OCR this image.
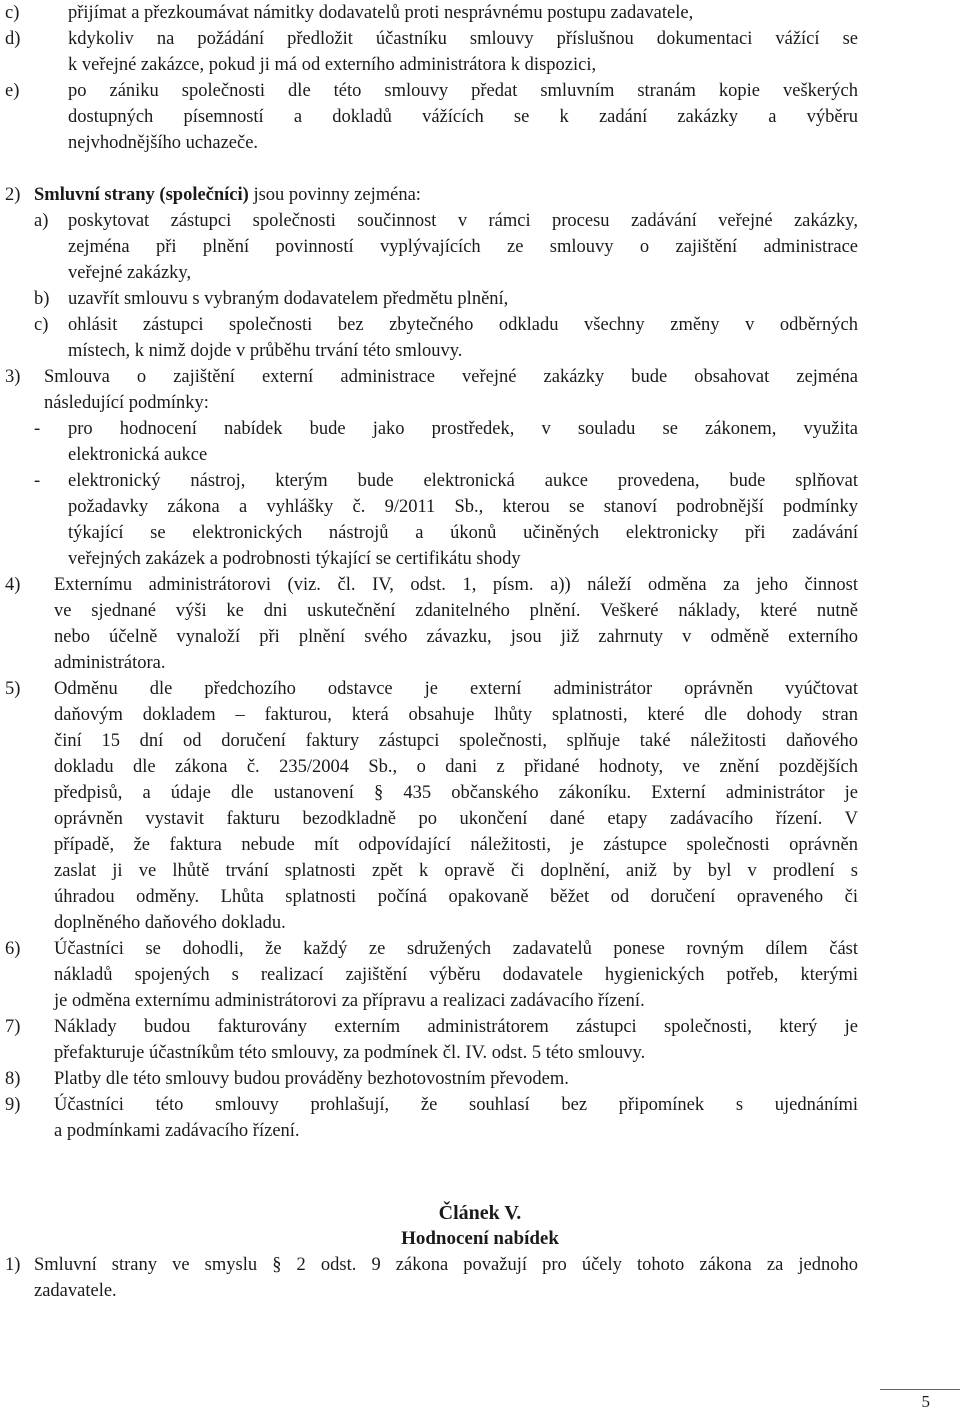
c)	přijímat a přezkoumávat námitky dodavatelů proti nesprávnému postupu zadavatele,
d)	kdykoliv na požádání předložit účastníku smlouvy příslušnou dokumentaci vážící se
k veřejné zakázce, pokud ji má od externího administrátora k dispozici,
e)	po zániku společnosti dle této smlouvy předat smluvním stranám kopie veškerých
dostupných písemností a dokladů vážících se k zadání zakázky a výběru
nejvhodnějšího uchazeče.
2) Smluvní strany (společníci) jsou povinny zejména:
a) poskytovat zástupci společnosti součinnost v rámci procesu zadávání veřejné zakázky,
zejména při plnění povinností vyplývajících ze smlouvy o zajištění administrace
veřejné zakázky,
b) uzavřít smlouvu s vybraným dodavatelem předmětu plnění,
c) ohlásit zástupci společnosti bez zbytečného odkladu všechny změny v odběrných
místech, k nimž dojde v průběhu trvání této smlouvy.
3) Smlouva o zajištění externí administrace veřejné zakázky bude obsahovat zejména
následující podmínky:
- pro hodnocení nabídek bude jako prostředek, v souladu se zákonem, využita
elektronická aukce
- elektronický nástroj, kterým bude elektronická aukce provedena, bude splňovat
požadavky zákona a vyhlášky č. 9/2011 Sb., kterou se stanoví podrobnější podmínky
týkající se elektronických nástrojů a úkonů učiněných elektronicky při zadávání
veřejných zakázek a podrobnosti týkající se certifikátu shody
4) Externímu administrátorovi (viz. čl. IV, odst. 1, písm. a)) náleží odměna za jeho činnost
ve sjednané výši ke dni uskutečnění zdanitelného plnění. Veškeré náklady, které nutně
nebo účelně vynaloží při plnění svého závazku, jsou již zahrnuty v odměně externího
administrátora.
5) Odměnu dle předchozího odstavce je externí administrátor oprávněn vyúčtovat
daňovým dokladem – fakturou, která obsahuje lhůty splatnosti, které dle dohody stran
činí 15 dní od doručení faktury zástupci společnosti, splňuje také náležitosti daňového
dokladu dle zákona č. 235/2004 Sb., o dani z přidané hodnoty, ve znění pozdějších
předpisů, a údaje dle ustanovení § 435 občanského zákoníku. Externí administrátor je
oprávněn vystavit fakturu bezodkladně po ukončení dané etapy zadávacího řízení. V
případě, že faktura nebude mít odpovídající náležitosti, je zástupce společnosti oprávněn
zaslat ji ve lhůtě trvání splatnosti zpět k opravě či doplnění, aniž by byl v prodlení s
úhradou odměny. Lhůta splatnosti počíná opakovaně běžet od doručení opraveného či
doplněného daňového dokladu.
6) Účastníci se dohodli, že každý ze sdružených zadavatelů ponese rovným dílem část
nákladů spojených s realizací zajištění výběru dodavatele hygienických potřeb, kterými
je odměna externímu administrátorovi za přípravu a realizaci zadávacího řízení.
7) Náklady budou fakturovány externím administrátorem zástupci společnosti, který je
přefakturuje účastníkům této smlouvy, za podmínek čl. IV. odst. 5 této smlouvy.
8) Platby dle této smlouvy budou prováděny bezhotovostním převodem.
9) Účastníci této smlouvy prohlašují, že souhlasí bez připomínek s ujednáními
a podmínkami zadávacího řízení.
1) Smluvní strany ve smyslu § 2 odst. 9 zákona považují pro účely tohoto zákona za jednoho
zadavatele.
Článek V.
Hodnocení nabídek
5
